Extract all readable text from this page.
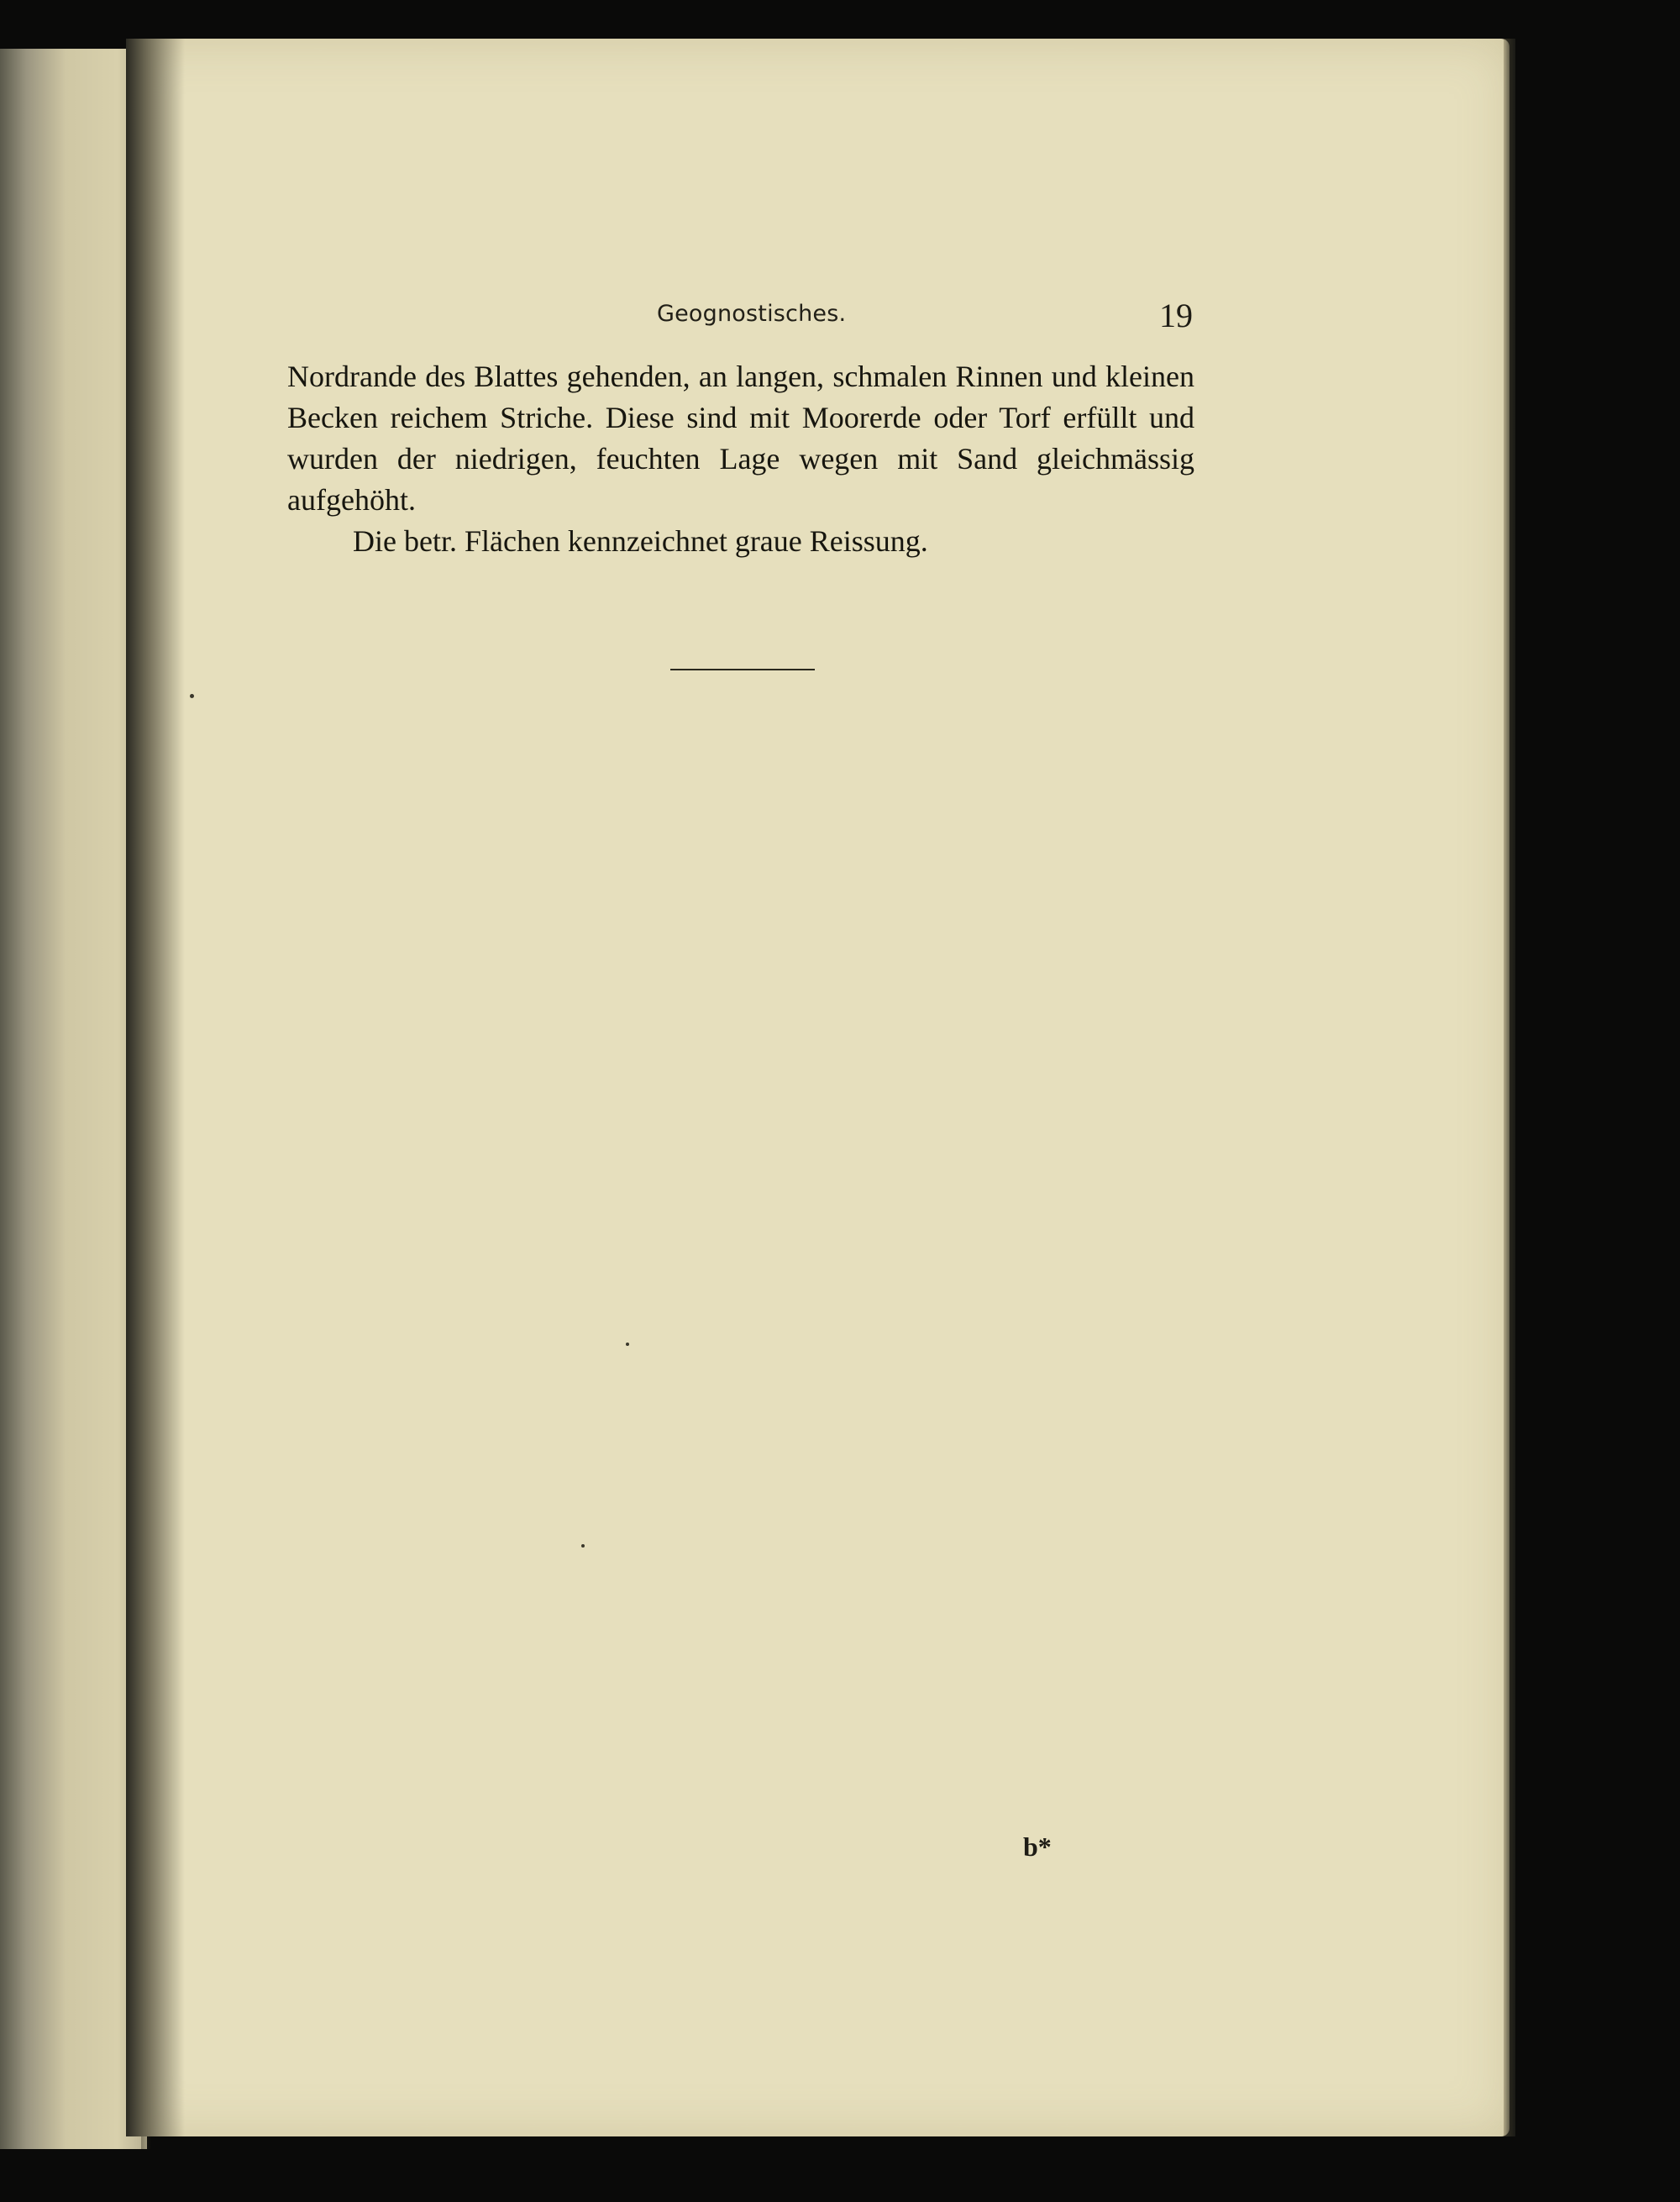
Geognostisches.	19

Nordrande des Blattes gehenden, an langen, schmalen Rinnen und kleinen Becken reichem Striche. Diese sind mit Moorerde oder Torf erfüllt und wurden der niedrigen, feuchten Lage wegen mit Sand gleichmässig aufgehöht.

Die betr. Flächen kennzeichnet graue Reissung.

b*
